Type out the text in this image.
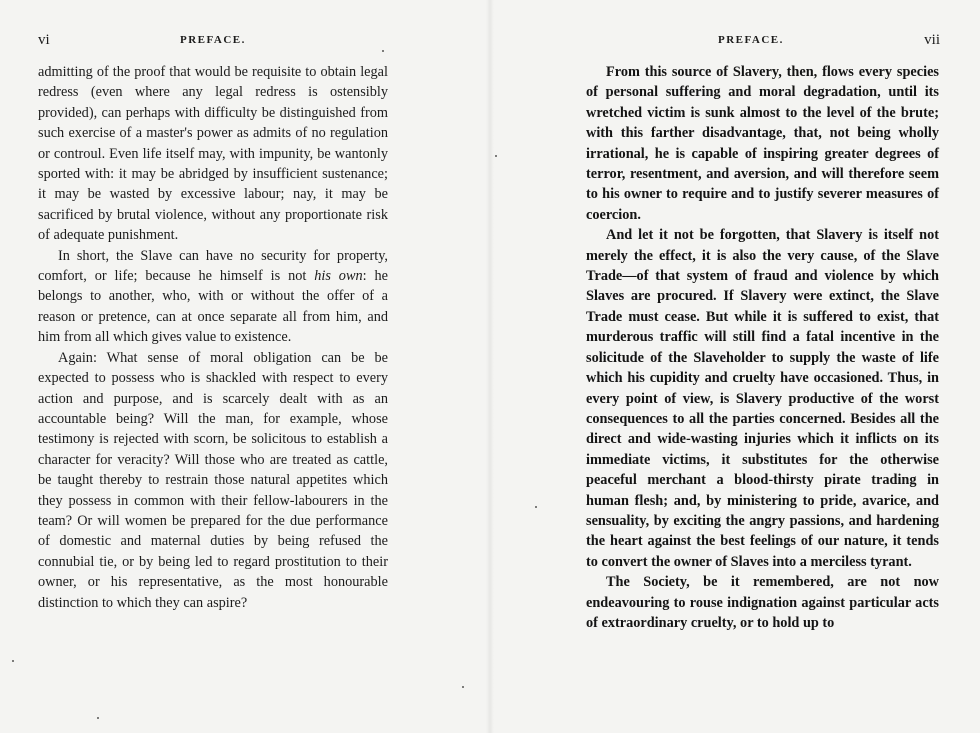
vi	PREFACE.

admitting of the proof that would be requisite to obtain legal redress (even where any legal redress is ostensibly provided), can perhaps with difficulty be distinguished from such exercise of a master's power as admits of no regulation or controul. Even life itself may, with impunity, be wantonly sported with: it may be abridged by insufficient sustenance; it may be wasted by excessive labour; nay, it may be sacrificed by brutal violence, without any proportionate risk of adequate punishment.

In short, the Slave can have no security for property, comfort, or life; because he himself is not his own: he belongs to another, who, with or without the offer of a reason or pretence, can at once separate all from him, and him from all which gives value to existence.

Again: What sense of moral obligation can be be expected to possess who is shackled with respect to every action and purpose, and is scarcely dealt with as an accountable being? Will the man, for example, whose testimony is rejected with scorn, be solicitous to establish a character for veracity? Will those who are treated as cattle, be taught thereby to restrain those natural appetites which they possess in common with their fellow-labourers in the team? Or will women be prepared for the due performance of domestic and maternal duties by being refused the connubial tie, or by being led to regard prostitution to their owner, or his representative, as the most honourable distinction to which they can aspire?

PREFACE.	vii

From this source of Slavery, then, flows every species of personal suffering and moral degradation, until its wretched victim is sunk almost to the level of the brute; with this farther disadvantage, that, not being wholly irrational, he is capable of inspiring greater degrees of terror, resentment, and aversion, and will therefore seem to his owner to require and to justify severer measures of coercion.

And let it not be forgotten, that Slavery is itself not merely the effect, it is also the very cause, of the Slave Trade—of that system of fraud and violence by which Slaves are procured. If Slavery were extinct, the Slave Trade must cease. But while it is suffered to exist, that murderous traffic will still find a fatal incentive in the solicitude of the Slaveholder to supply the waste of life which his cupidity and cruelty have occasioned. Thus, in every point of view, is Slavery productive of the worst consequences to all the parties concerned. Besides all the direct and wide-wasting injuries which it inflicts on its immediate victims, it substitutes for the otherwise peaceful merchant a blood-thirsty pirate trading in human flesh; and, by ministering to pride, avarice, and sensuality, by exciting the angry passions, and hardening the heart against the best feelings of our nature, it tends to convert the owner of Slaves into a merciless tyrant.

The Society, be it remembered, are not now endeavouring to rouse indignation against particular acts of extraordinary cruelty, or to hold up to
